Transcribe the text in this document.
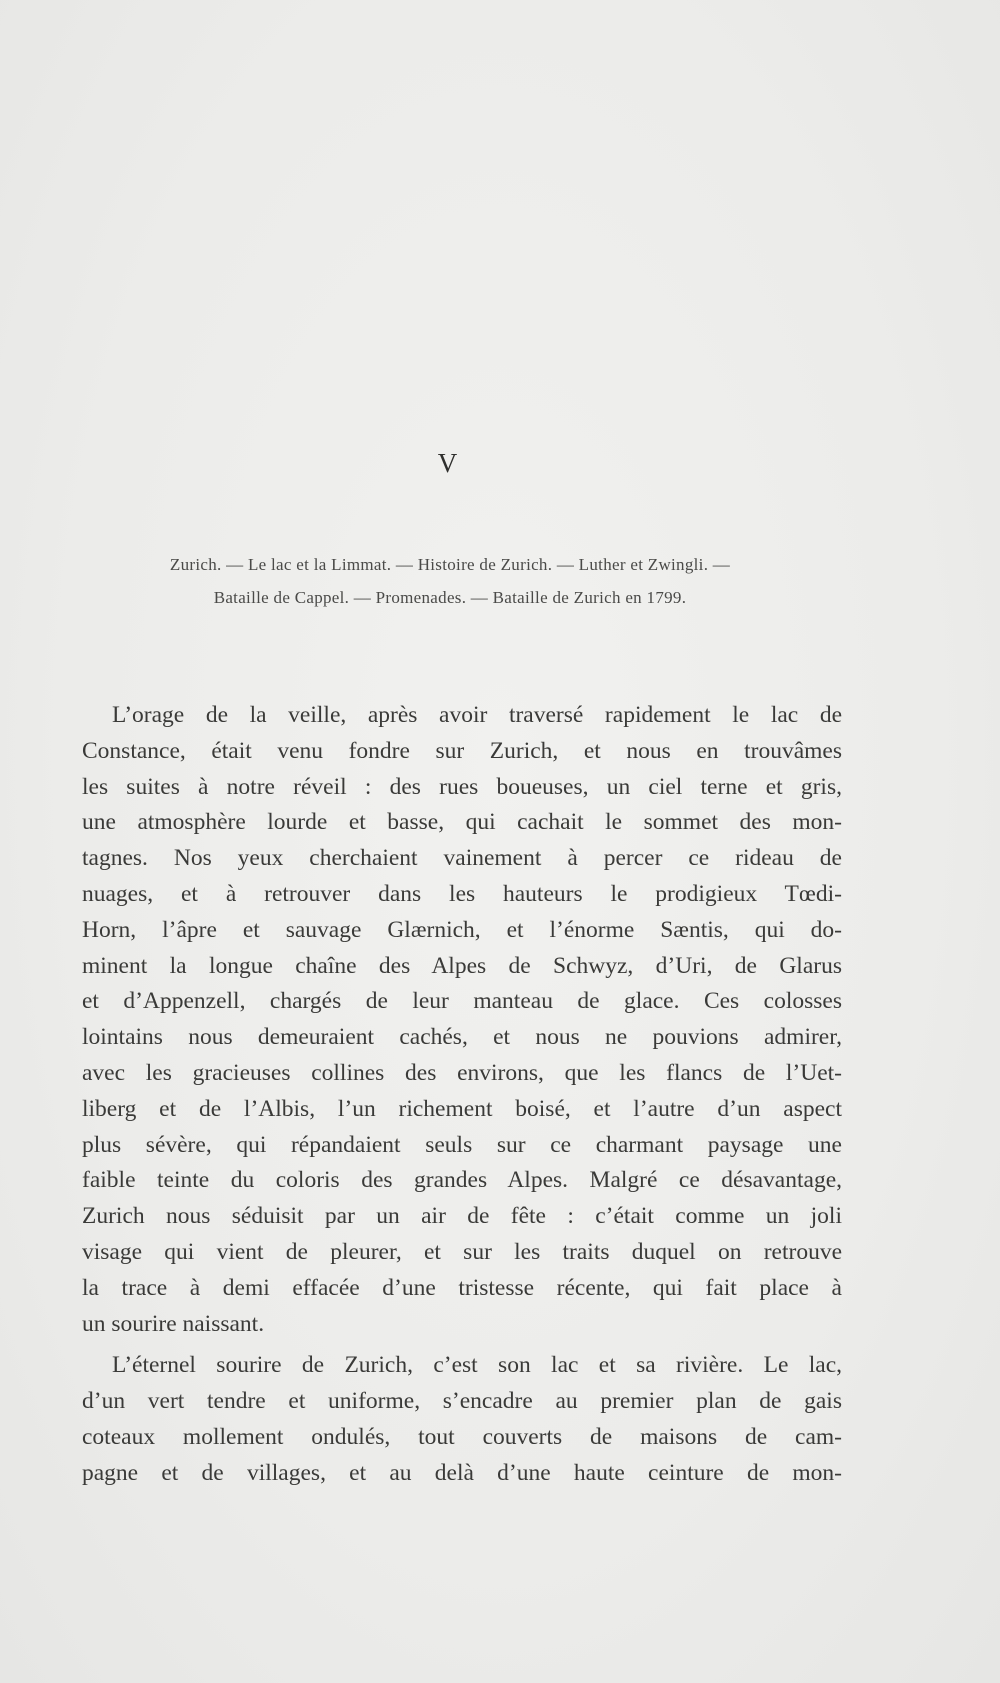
V
Zurich. — Le lac et la Limmat. — Histoire de Zurich. — Luther et Zwingli. —
Bataille de Cappel. — Promenades. — Bataille de Zurich en 1799.
L’orage de la veille, après avoir traversé rapidement le lac de
Constance, était venu fondre sur Zurich, et nous en trouvâmes
les suites à notre réveil : des rues boueuses, un ciel terne et gris,
une atmosphère lourde et basse, qui cachait le sommet des mon-
tagnes. Nos yeux cherchaient vainement à percer ce rideau de
nuages, et à retrouver dans les hauteurs le prodigieux Tœdi-
Horn, l’âpre et sauvage Glærnich, et l’énorme Sæntis, qui do-
minent la longue chaîne des Alpes de Schwyz, d’Uri, de Glarus
et d’Appenzell, chargés de leur manteau de glace. Ces colosses
lointains nous demeuraient cachés, et nous ne pouvions admirer,
avec les gracieuses collines des environs, que les flancs de l’Uet-
liberg et de l’Albis, l’un richement boisé, et l’autre d’un aspect
plus sévère, qui répandaient seuls sur ce charmant paysage une
faible teinte du coloris des grandes Alpes. Malgré ce désavantage,
Zurich nous séduisit par un air de fête : c’était comme un joli
visage qui vient de pleurer, et sur les traits duquel on retrouve
la trace à demi effacée d’une tristesse récente, qui fait place à
un sourire naissant.
L’éternel sourire de Zurich, c’est son lac et sa rivière. Le lac,
d’un vert tendre et uniforme, s’encadre au premier plan de gais
coteaux mollement ondulés, tout couverts de maisons de cam-
pagne et de villages, et au delà d’une haute ceinture de mon-
